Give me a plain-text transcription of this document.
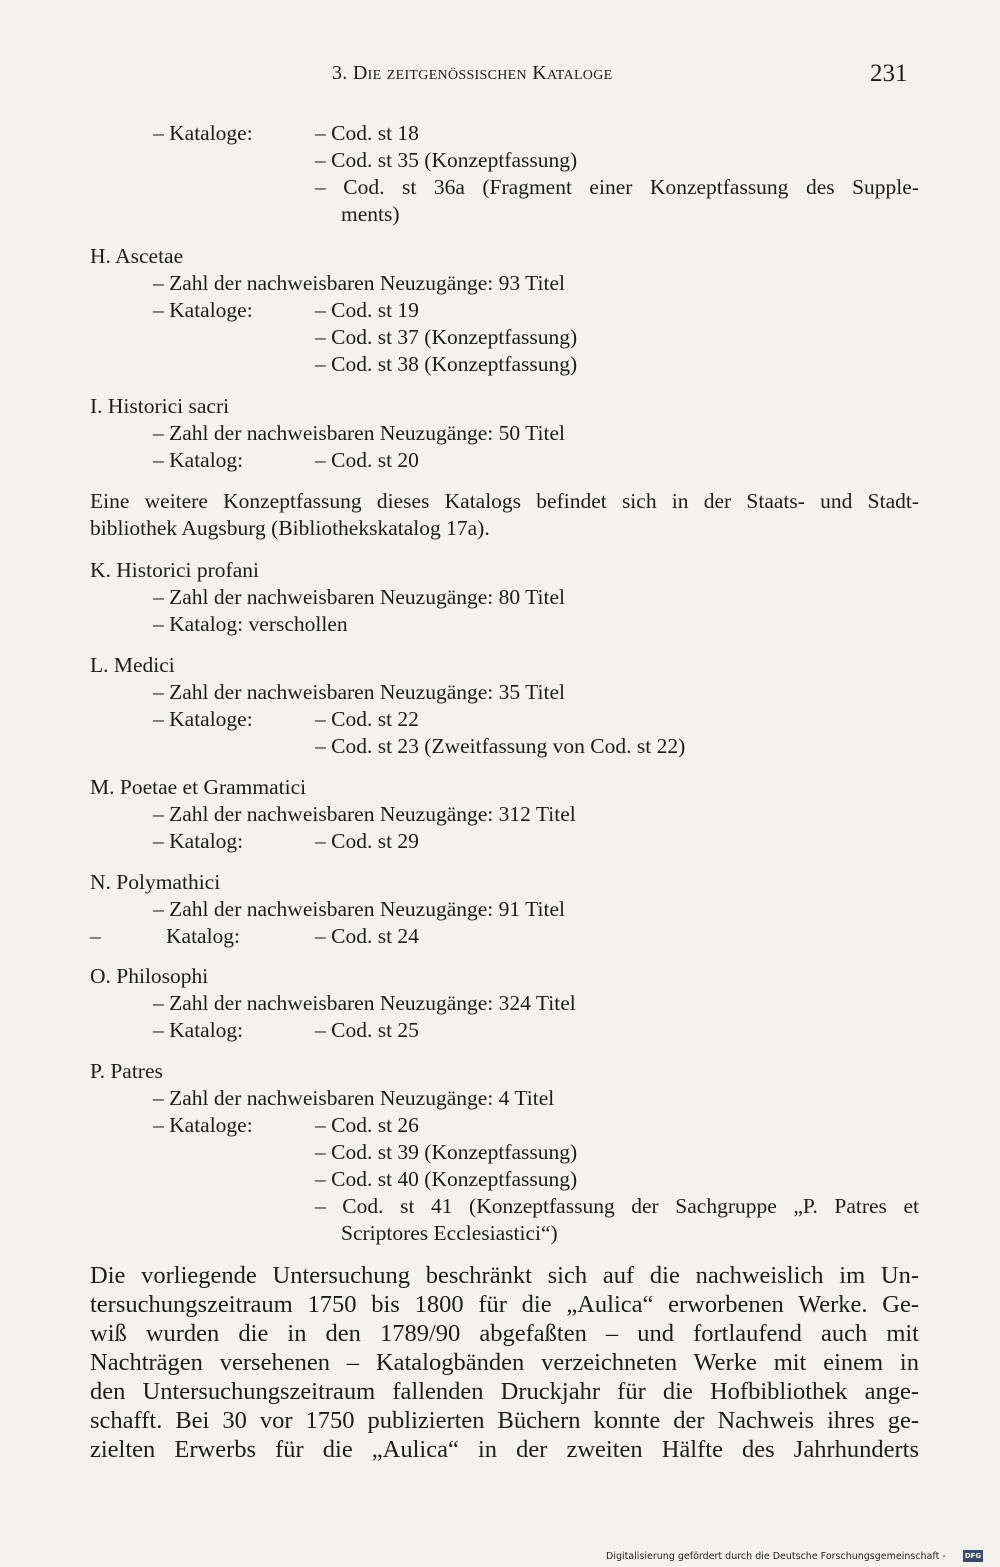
3. Die zeitgenössischen Kataloge	231
– Kataloge:	– Cod. st 18
– Cod. st 35 (Konzeptfassung)
– Cod. st 36a (Fragment einer Konzeptfassung des Supple-
ments)
H. Ascetae
– Zahl der nachweisbaren Neuzugänge: 93 Titel
– Kataloge:	– Cod. st 19
– Cod. st 37 (Konzeptfassung)
– Cod. st 38 (Konzeptfassung)
I. Historici sacri
– Zahl der nachweisbaren Neuzugänge: 50 Titel
– Katalog:	– Cod. st 20
Eine weitere Konzeptfassung dieses Katalogs befindet sich in der Staats- und Stadt-
bibliothek Augsburg (Bibliothekskatalog 17a).
K. Historici profani
– Zahl der nachweisbaren Neuzugänge: 80 Titel
– Katalog: verschollen
L. Medici
– Zahl der nachweisbaren Neuzugänge: 35 Titel
– Kataloge:	– Cod. st 22
– Cod. st 23 (Zweitfassung von Cod. st 22)
M. Poetae et Grammatici
– Zahl der nachweisbaren Neuzugänge: 312 Titel
– Katalog:	– Cod. st 29
N. Polymathici
– Zahl der nachweisbaren Neuzugänge: 91 Titel
–	Katalog:	– Cod. st 24
O. Philosophi
– Zahl der nachweisbaren Neuzugänge: 324 Titel
– Katalog:	– Cod. st 25
P. Patres
– Zahl der nachweisbaren Neuzugänge: 4 Titel
– Kataloge:	– Cod. st 26
– Cod. st 39 (Konzeptfassung)
– Cod. st 40 (Konzeptfassung)
– Cod. st 41 (Konzeptfassung der Sachgruppe „P. Patres et
Scriptores Ecclesiastici“)
Die vorliegende Untersuchung beschränkt sich auf die nachweislich im Un-
tersuchungszeitraum 1750 bis 1800 für die „Aulica“ erworbenen Werke. Ge-
wiß wurden die in den 1789/90 abgefaßten – und fortlaufend auch mit
Nachträgen versehenen – Katalogbänden verzeichneten Werke mit einem in
den Untersuchungszeitraum fallenden Druckjahr für die Hofbibliothek ange-
schafft. Bei 30 vor 1750 publizierten Büchern konnte der Nachweis ihres ge-
zielten Erwerbs für die „Aulica“ in der zweiten Hälfte des Jahrhunderts
Digitalisierung gefördert durch die Deutsche Forschungsgemeinschaft -	DFG
